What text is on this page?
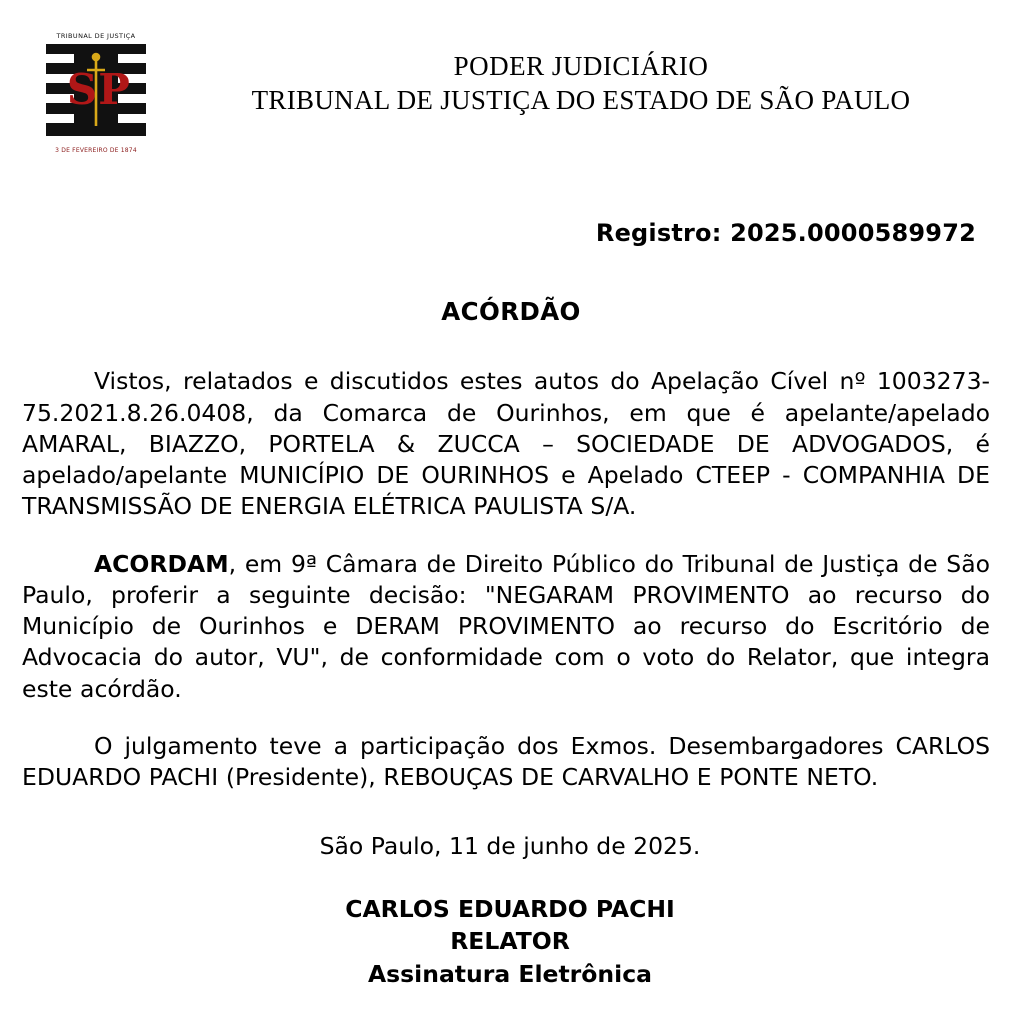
TRIBUNAL DE JUSTIÇA
S P
3 DE FEVEREIRO DE 1874
PODER JUDICIÁRIO
TRIBUNAL DE JUSTIÇA DO ESTADO DE SÃO PAULO
Registro: 2025.0000589972
ACÓRDÃO

Vistos, relatados e discutidos estes autos do Apelação Cível nº 1003273-75.2021.8.26.0408, da Comarca de Ourinhos, em que é apelante/apelado AMARAL, BIAZZO, PORTELA & ZUCCA – SOCIEDADE DE ADVOGADOS, é apelado/apelante MUNICÍPIO DE OURINHOS e Apelado CTEEP - COMPANHIA DE TRANSMISSÃO DE ENERGIA ELÉTRICA PAULISTA S/A.

ACORDAM, em 9ª Câmara de Direito Público do Tribunal de Justiça de São Paulo, proferir a seguinte decisão: "NEGARAM PROVIMENTO ao recurso do Município de Ourinhos e DERAM PROVIMENTO ao recurso do Escritório de Advocacia do autor, VU", de conformidade com o voto do Relator, que integra este acórdão.

O julgamento teve a participação dos Exmos. Desembargadores CARLOS EDUARDO PACHI (Presidente), REBOUÇAS DE CARVALHO E PONTE NETO.

São Paulo, 11 de junho de 2025.
CARLOS EDUARDO PACHI
RELATOR
Assinatura Eletrônica
